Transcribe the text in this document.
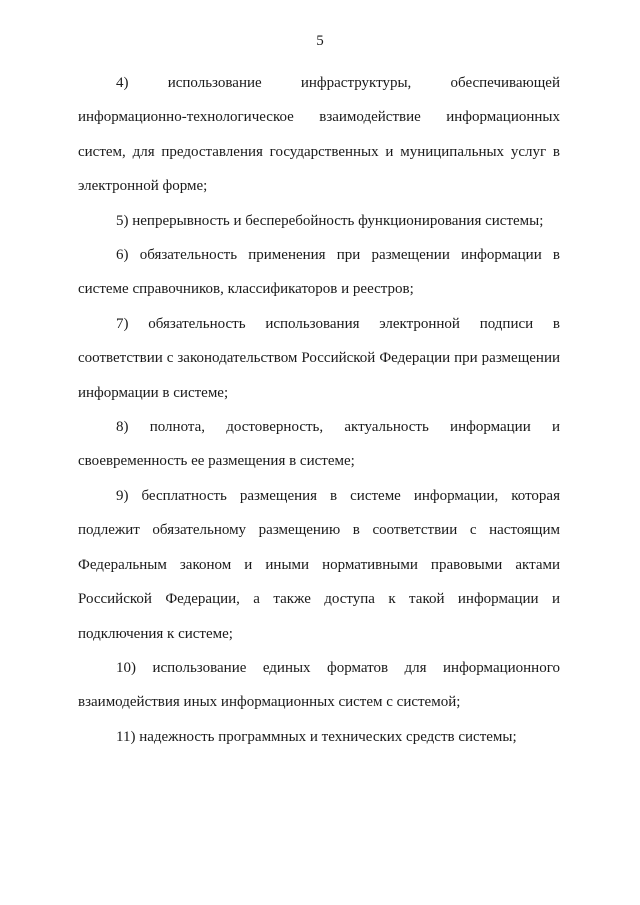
5

4) использование инфраструктуры, обеспечивающей
информационно-технологическое взаимодействие информационных
систем, для предоставления государственных и муниципальных услуг в
электронной форме;

5) непрерывность и бесперебойность функционирования системы;

6) обязательность применения при размещении информации в
системе справочников, классификаторов и реестров;

7) обязательность использования электронной подписи в
соответствии с законодательством Российской Федерации при размещении
информации в системе;

8) полнота, достоверность, актуальность информации и
своевременность ее размещения в системе;

9) бесплатность размещения в системе информации, которая
подлежит обязательному размещению в соответствии с настоящим
Федеральным законом и иными нормативными правовыми актами
Российской Федерации, а также доступа к такой информации и
подключения к системе;

10) использование единых форматов для информационного
взаимодействия иных информационных систем с системой;

11) надежность программных и технических средств системы;
